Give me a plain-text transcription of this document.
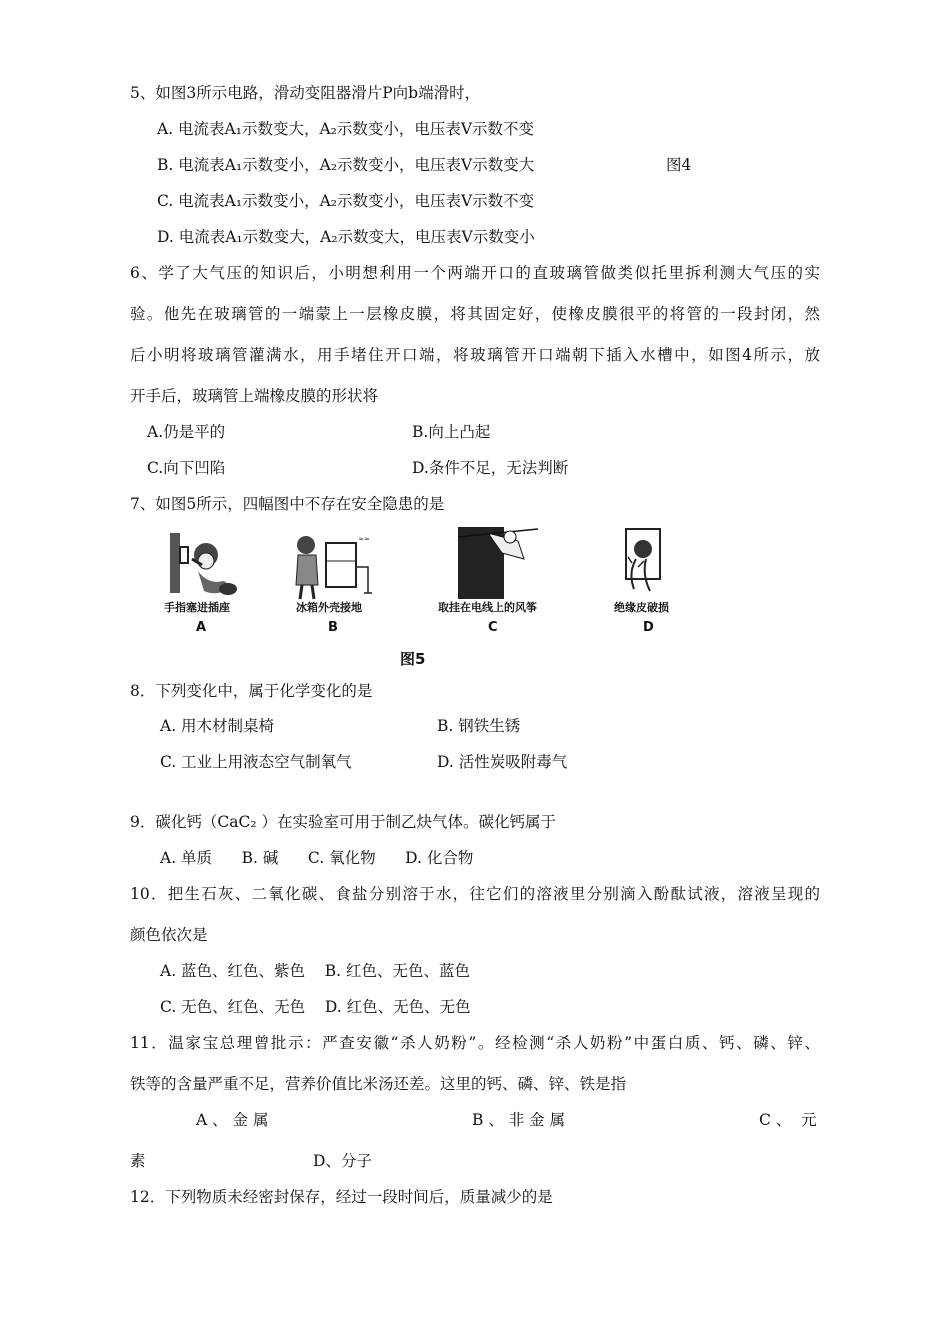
5、如图3所示电路，滑动变阻器滑片P向b端滑时，
A. 电流表A₁示数变大，A₂示数变小，电压表V示数不变
B. 电流表A₁示数变小，A₂示数变小，电压表V示数变大	图4
C. 电流表A₁示数变小，A₂示数变小，电压表V示数不变
D. 电流表A₁示数变大，A₂示数变大，电压表V示数变小
6、学了大气压的知识后，小明想利用一个两端开口的直玻璃管做类似托里拆利测大气压的实
验。他先在玻璃管的一端蒙上一层橡皮膜，将其固定好，使橡皮膜很平的将管的一段封闭，然
后小明将玻璃管灌满水，用手堵住开口端，将玻璃管开口端朝下插入水槽中，如图4所示，放
开手后，玻璃管上端橡皮膜的形状将
A.仍是平的	B.向上凸起
C.向下凹陷	D.条件不足，无法判断
7、如图5所示，四幅图中不存在安全隐患的是
手指塞进插座
A
≈≈
冰箱外壳接地
B
取挂在电线上的风筝
C
绝缘皮破损
D
图5
8．下列变化中，属于化学变化的是
A. 用木材制桌椅	B. 钢铁生锈
C. 工业上用液态空气制氧气	D. 活性炭吸附毒气
9．碳化钙（CaC₂ ）在实验室可用于制乙炔气体。碳化钙属于
A. 单质      B. 碱      C. 氧化物      D. 化合物
10．把生石灰、二氧化碳、食盐分别溶于水，往它们的溶液里分别滴入酚酞试液，溶液呈现的
颜色依次是
A. 蓝色、红色、紫色    B. 红色、无色、蓝色
C. 无色、红色、无色    D. 红色、无色、无色
11．温家宝总理曾批示：严查安徽“杀人奶粉”。经检测“杀人奶粉”中蛋白质、钙、磷、锌、
铁等的含量严重不足，营养价值比米汤还差。这里的钙、磷、锌、铁是指
A 、 金 属	B 、 非 金 属	C 、  元
素	D、分子
12．下列物质未经密封保存，经过一段时间后，质量减少的是
